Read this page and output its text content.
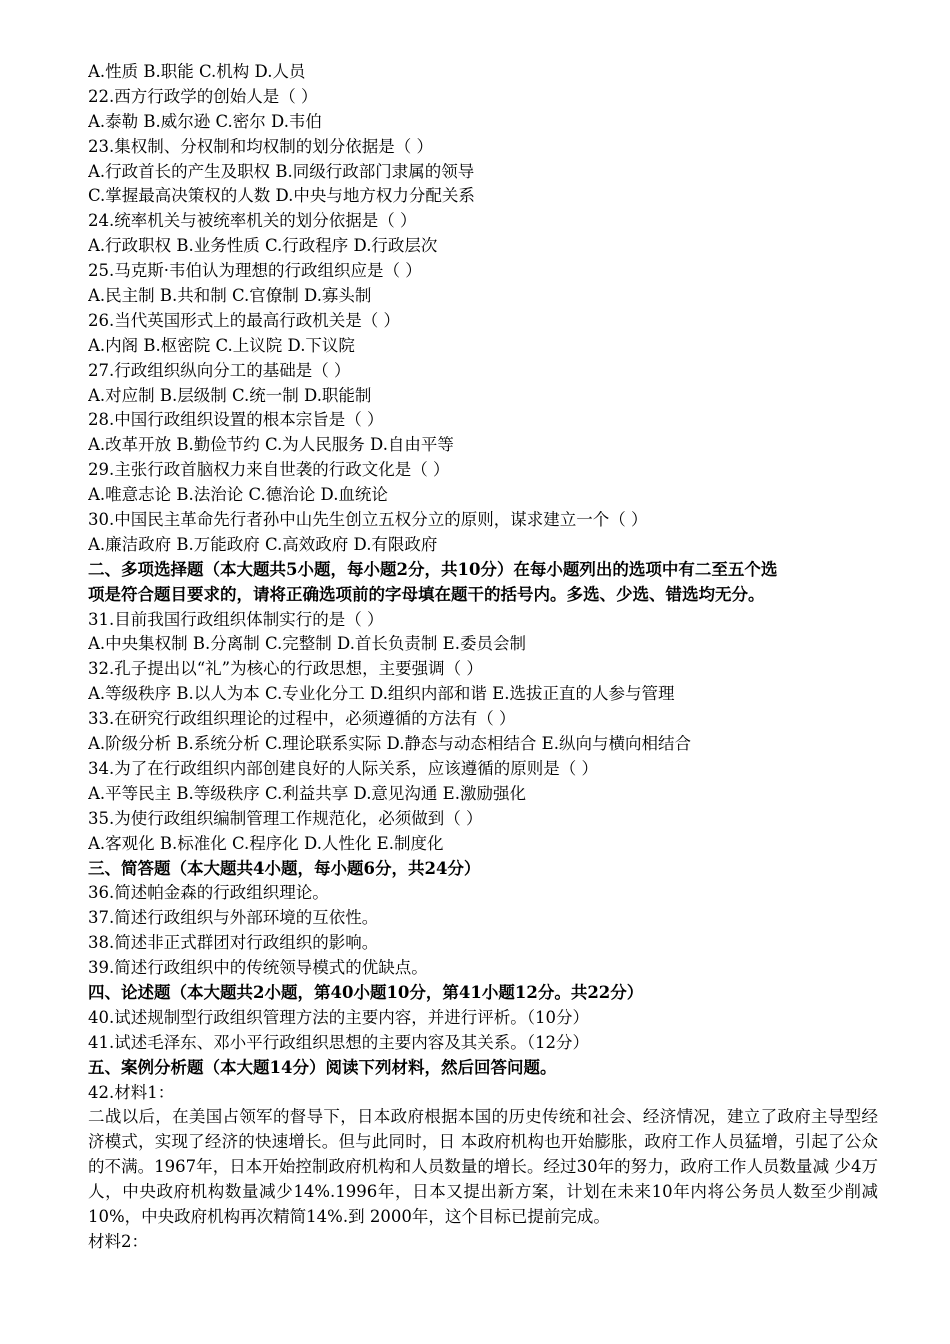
A.性质 B.职能 C.机构 D.人员
22.西方行政学的创始人是（ ）
A.泰勒 B.威尔逊 C.密尔 D.韦伯
23.集权制、分权制和均权制的划分依据是（ ）
A.行政首长的产生及职权 B.同级行政部门隶属的领导
C.掌握最高决策权的人数 D.中央与地方权力分配关系
24.统率机关与被统率机关的划分依据是（ ）
A.行政职权 B.业务性质 C.行政程序 D.行政层次
25.马克斯·韦伯认为理想的行政组织应是（ ）
A.民主制 B.共和制 C.官僚制 D.寡头制
26.当代英国形式上的最高行政机关是（ ）
A.内阁 B.枢密院 C.上议院 D.下议院
27.行政组织纵向分工的基础是（ ）
A.对应制 B.层级制 C.统一制 D.职能制
28.中国行政组织设置的根本宗旨是（ ）
A.改革开放 B.勤俭节约 C.为人民服务 D.自由平等
29.主张行政首脑权力来自世袭的行政文化是（ ）
A.唯意志论 B.法治论 C.德治论 D.血统论
30.中国民主革命先行者孙中山先生创立五权分立的原则，谋求建立一个（ ）
A.廉洁政府 B.万能政府 C.高效政府 D.有限政府
二、多项选择题（本大题共5小题，每小题2分，共10分）在每小题列出的选项中有二至五个选
项是符合题目要求的，请将正确选项前的字母填在题干的括号内。多选、少选、错选均无分。
31.目前我国行政组织体制实行的是（ ）
A.中央集权制 B.分离制 C.完整制 D.首长负责制 E.委员会制
32.孔子提出以“礼”为核心的行政思想，主要强调（ ）
A.等级秩序 B.以人为本 C.专业化分工 D.组织内部和谐 E.选拔正直的人参与管理
33.在研究行政组织理论的过程中，必须遵循的方法有（ ）
A.阶级分析 B.系统分析 C.理论联系实际 D.静态与动态相结合 E.纵向与横向相结合
34.为了在行政组织内部创建良好的人际关系，应该遵循的原则是（ ）
A.平等民主 B.等级秩序 C.利益共享 D.意见沟通 E.激励强化
35.为使行政组织编制管理工作规范化，必须做到（ ）
A.客观化 B.标准化 C.程序化 D.人性化 E.制度化
三、简答题（本大题共4小题，每小题6分，共24分）
36.简述帕金森的行政组织理论。
37.简述行政组织与外部环境的互依性。
38.简述非正式群团对行政组织的影响。
39.简述行政组织中的传统领导模式的优缺点。
四、论述题（本大题共2小题，第40小题10分，第41小题12分。共22分）
40.试述规制型行政组织管理方法的主要内容，并进行评析。（10分）
41.试述毛泽东、邓小平行政组织思想的主要内容及其关系。（12分）
五、案例分析题（本大题14分）阅读下列材料，然后回答问题。
42.材料1：
二战以后，在美国占领军的督导下，日本政府根据本国的历史传统和社会、经济情况，建立了政府主导型经济模式，实现了经济的快速增长。但与此同时，日 本政府机构也开始膨胀，政府工作人员猛增，引起了公众的不满。1967年，日本开始控制政府机构和人员数量的增长。经过30年的努力，政府工作人员数量减 少4万人，中央政府机构数量减少14%.1996年，日本又提出新方案，计划在未来10年内将公务员人数至少削减10%，中央政府机构再次精简14%.到 2000年，这个目标已提前完成。
材料2：
